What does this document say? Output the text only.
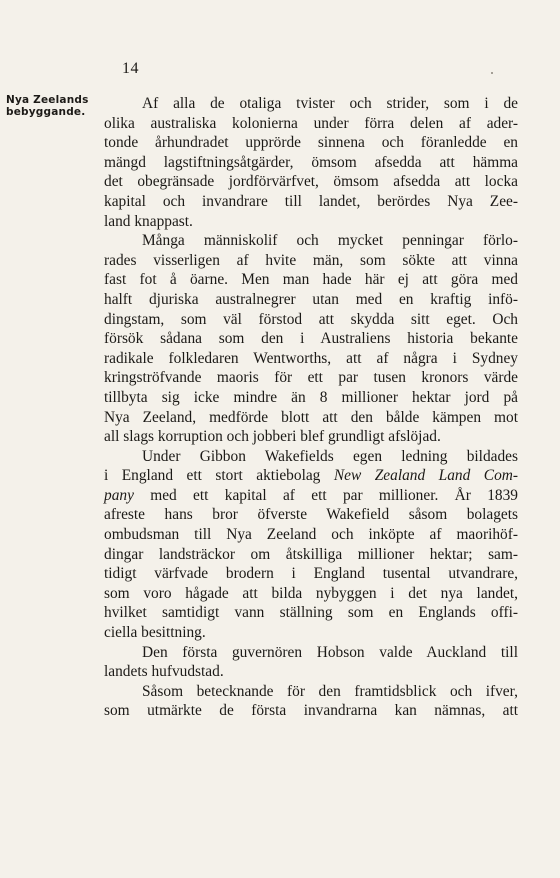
14
Nya Zeelands
bebyggande.	Af alla de otaliga tvister och strider, som i de
olika australiska kolonierna under förra delen af ader-
tonde århundradet upprörde sinnena och föranledde en
mängd lagstiftningsåtgärder, ömsom afsedda att hämma
det obegränsade jordförvärfvet, ömsom afsedda att locka
kapital och invandrare till landet, berördes Nya Zee-
land knappast.
Många människolif och mycket penningar förlo-
rades visserligen af hvite män, som sökte att vinna
fast fot å öarne. Men man hade här ej att göra med
halft djuriska australnegrer utan med en kraftig infö-
dingstam, som väl förstod att skydda sitt eget. Och
försök sådana som den i Australiens historia bekante
radikale folkledaren Wentworths, att af några i Sydney
kringströfvande maoris för ett par tusen kronors värde
tillbyta sig icke mindre än 8 millioner hektar jord på
Nya Zeeland, medförde blott att den bålde kämpen mot
all slags korruption och jobberi blef grundligt afslöjad.
Under Gibbon Wakefields egen ledning bildades
i England ett stort aktiebolag New Zealand Land Com-
pany med ett kapital af ett par millioner. År 1839
afreste hans bror öfverste Wakefield såsom bolagets
ombudsman till Nya Zeeland och inköpte af maorihöf-
dingar landsträckor om åtskilliga millioner hektar; sam-
tidigt värfvade brodern i England tusental utvandrare,
som voro hågade att bilda nybyggen i det nya landet,
hvilket samtidigt vann ställning som en Englands offi-
ciella besittning.
Den första guvernören Hobson valde Auckland till
landets hufvudstad.
Såsom betecknande för den framtidsblick och ifver,
som utmärkte de första invandrarna kan nämnas, att
